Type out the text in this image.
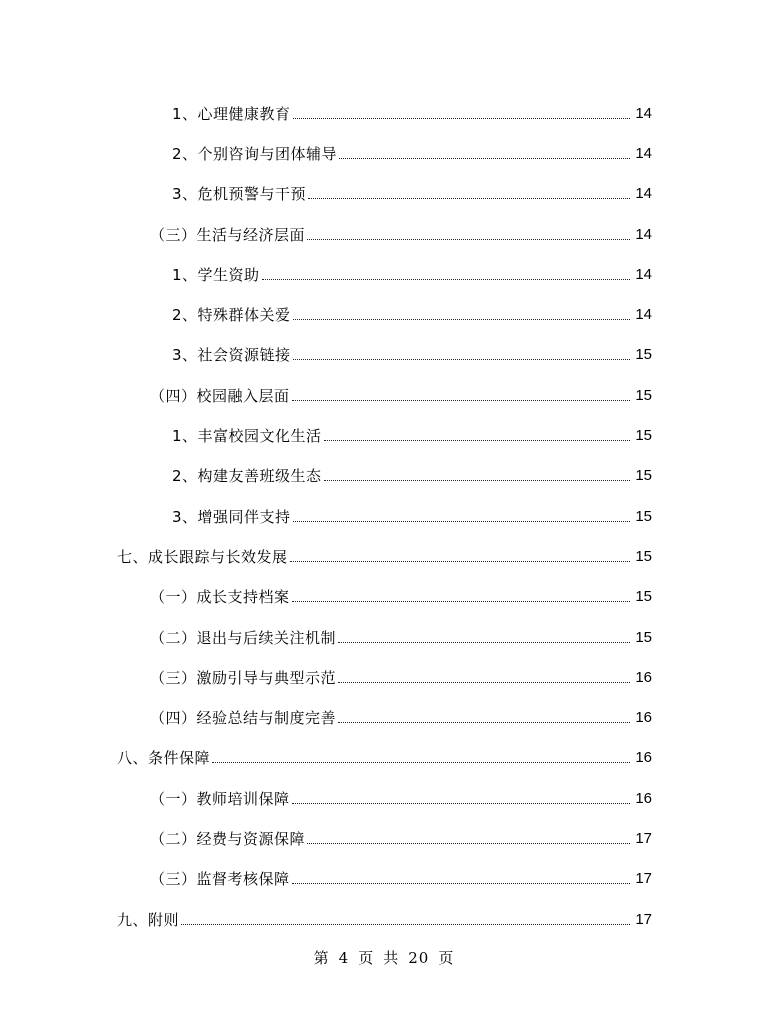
1、心理健康教育	14
2、个别咨询与团体辅导	14
3、危机预警与干预	14
（三）生活与经济层面	14
1、学生资助	14
2、特殊群体关爱	14
3、社会资源链接	15
（四）校园融入层面	15
1、丰富校园文化生活	15
2、构建友善班级生态	15
3、增强同伴支持	15
七、成长跟踪与长效发展	15
（一）成长支持档案	15
（二）退出与后续关注机制	15
（三）激励引导与典型示范	16
（四）经验总结与制度完善	16
八、条件保障	16
（一）教师培训保障	16
（二）经费与资源保障	17
（三）监督考核保障	17
九、附则	17
第 4 页 共 20 页
